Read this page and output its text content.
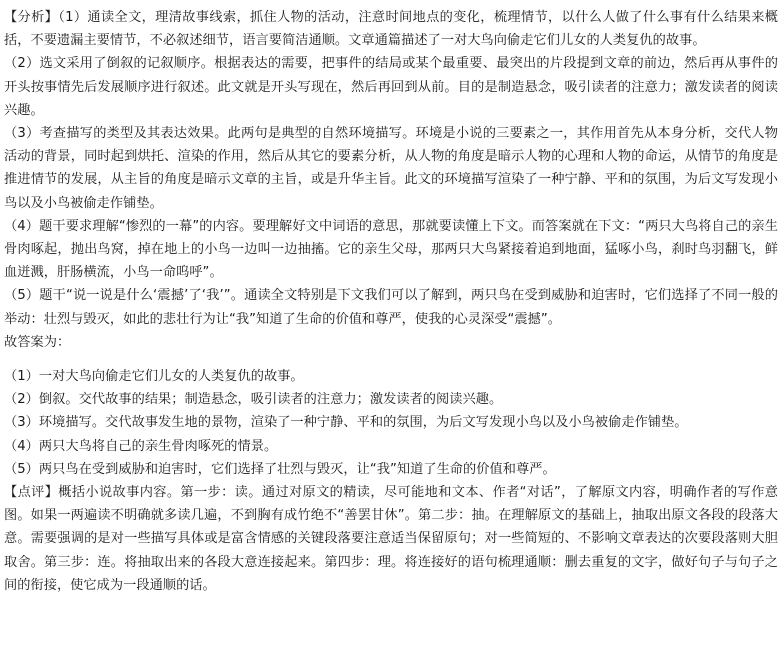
【分析】（1）通读全文，理清故事线索，抓住人物的活动，注意时间地点的变化，梳理情节，以什么人做了什么事有什么结果来概括，不要遗漏主要情节，不必叙述细节，语言要简洁通顺。文章通篇描述了一对大鸟向偷走它们儿女的人类复仇的故事。

（2）选文采用了倒叙的记叙顺序。根据表达的需要，把事件的结局或某个最重要、最突出的片段提到文章的前边，然后再从事件的开头按事情先后发展顺序进行叙述。此文就是开头写现在，然后再回到从前。目的是制造悬念，吸引读者的注意力；激发读者的阅读兴趣。

（3）考查描写的类型及其表达效果。此两句是典型的自然环境描写。环境是小说的三要素之一，其作用首先从本身分析，交代人物活动的背景，同时起到烘托、渲染的作用，然后从其它的要素分析，从人物的角度是暗示人物的心理和人物的命运，从情节的角度是推进情节的发展，从主旨的角度是暗示文章的主旨，或是升华主旨。此文的环境描写渲染了一种宁静、平和的氛围，为后文写发现小鸟以及小鸟被偷走作铺垫。

（4）题干要求理解“惨烈的一幕”的内容。要理解好文中词语的意思，那就要读懂上下文。而答案就在下文：“两只大鸟将自己的亲生骨肉啄起，抛出鸟窝，掉在地上的小鸟一边叫一边抽搐。它的亲生父母，那两只大鸟紧接着追到地面，猛啄小鸟，刹时鸟羽翻飞，鲜血迸溅，肝肠横流，小鸟一命呜呼”。

（5）题干“说一说是什么‘震撼’了‘我’”。通读全文特别是下文我们可以了解到，两只鸟在受到威胁和迫害时，它们选择了不同一般的举动：壮烈与毁灭，如此的悲壮行为让“我”知道了生命的价值和尊严，使我的心灵深受“震撼”。

故答案为：

（1）一对大鸟向偷走它们儿女的人类复仇的故事。

（2）倒叙。交代故事的结果；制造悬念，吸引读者的注意力；激发读者的阅读兴趣。

（3）环境描写。交代故事发生地的景物，渲染了一种宁静、平和的氛围，为后文写发现小鸟以及小鸟被偷走作铺垫。

（4）两只大鸟将自己的亲生骨肉啄死的情景。

（5）两只鸟在受到威胁和迫害时，它们选择了壮烈与毁灭，让“我”知道了生命的价值和尊严。

【点评】概括小说故事内容。第一步：读。通过对原文的精读，尽可能地和文本、作者“对话”，了解原文内容，明确作者的写作意图。如果一两遍读不明确就多读几遍，不到胸有成竹绝不“善罢甘休”。第二步：抽。在理解原文的基础上，抽取出原文各段的段落大意。需要强调的是对一些描写具体或是富含情感的关键段落要注意适当保留原句；对一些简短的、不影响文章表达的次要段落则大胆取舍。第三步：连。将抽取出来的各段大意连接起来。第四步：理。将连接好的语句梳理通顺：删去重复的文字，做好句子与句子之间的衔接，使它成为一段通顺的话。
